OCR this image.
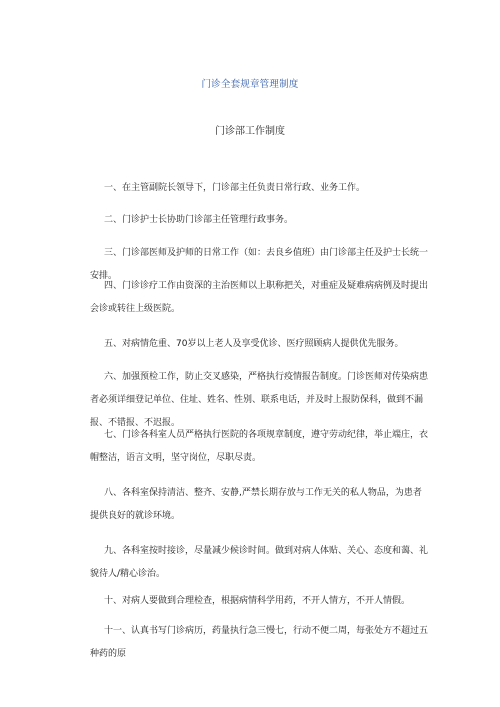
门诊全套规章管理制度
门诊部工作制度
一、在主管副院长领导下，门诊部主任负责日常行政、业务工作。
二、门诊护士长协助门诊部主任管理行政事务。
三、门诊部医师及护师的日常工作（如：去良乡值班）由门诊部主任及护士长统一安排。
四、门诊诊疗工作由资深的主治医师以上职称把关，对重症及疑难病病例及时提出会诊或转往上级医院。
五、对病情危重、70岁以上老人及享受优诊、医疗照顾病人提供优先服务。
六、加强预检工作，防止交叉感染，严格执行疫情报告制度。门诊医师对传染病患者必须详细登记单位、住址、姓名、性别、联系电话，并及时上报防保科，做到不漏报、不错报、不迟报。
七、门诊各科室人员严格执行医院的各项规章制度，遵守劳动纪律，举止端庄，衣帽整洁，语言文明，坚守岗位，尽职尽责。
八、各科室保持清洁、整齐、安静,严禁长期存放与工作无关的私人物品，为患者提供良好的就诊环境。
九、各科室按时接诊，尽量减少候诊时间。做到对病人体贴、关心、态度和蔼、礼貌待人/精心诊治。
十、对病人要做到合理检查，根据病情科学用药，不开人情方，不开人情假。
十一、认真书写门诊病历，药量执行急三慢七，行动不便二周，每张处方不超过五种药的原
